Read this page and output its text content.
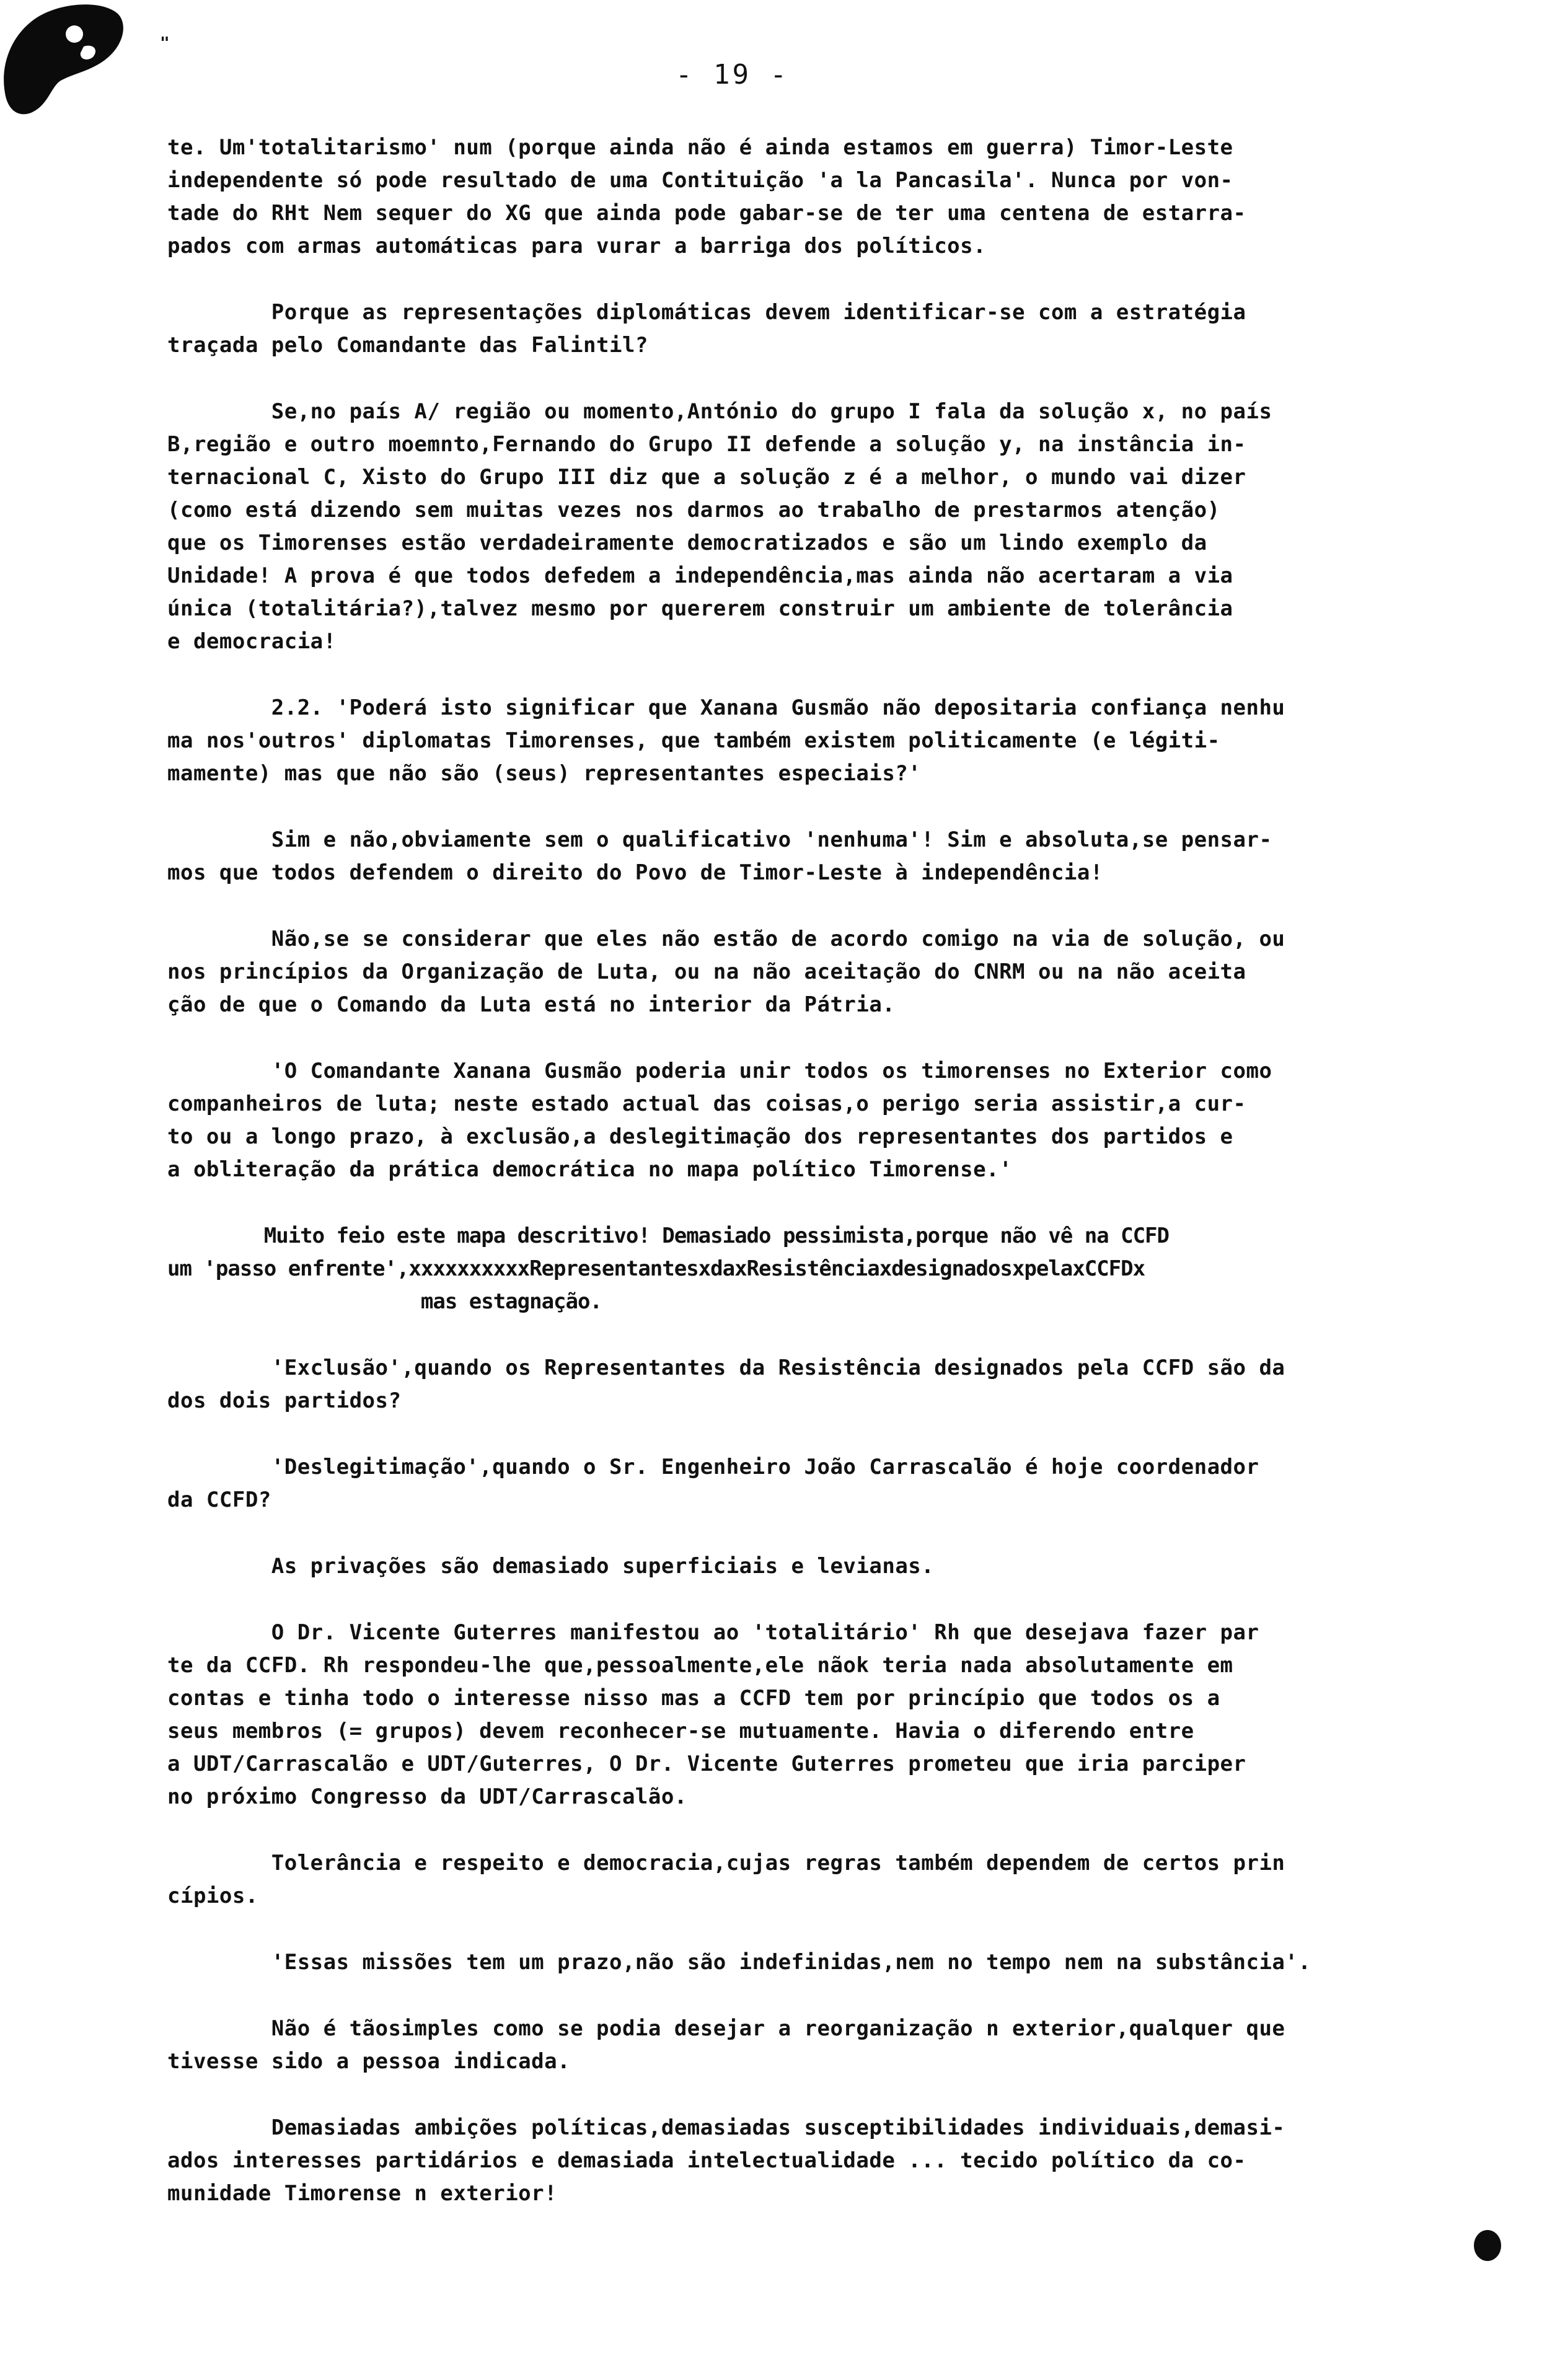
"
- 19 -

te. Um'totalitarismo' num (porque ainda não é ainda estamos em guerra) Timor-Leste
independente só pode resultado de uma Contituição 'a la Pancasila'. Nunca por von-
tade do RHt Nem sequer do XG que ainda pode gabar-se de ter uma centena de estarra-
pados com armas automáticas para vurar a barriga dos políticos.

Porque as representações diplomáticas devem identificar-se com a estratégia
traçada pelo Comandante das Falintil?

Se,no país A/ região ou momento,António do grupo I fala da solução x, no país
B,região e outro moemnto,Fernando do Grupo II defende a solução y, na instância in-
ternacional C, Xisto do Grupo III diz que a solução z é a melhor, o mundo vai dizer
(como está dizendo sem muitas vezes nos darmos ao trabalho de prestarmos atenção)
que os Timorenses estão verdadeiramente democratizados e são um lindo exemplo da
Unidade! A prova é que todos defedem a independência,mas ainda não acertaram a via
única (totalitária?),talvez mesmo por quererem construir um ambiente de tolerância
e democracia!

2.2. 'Poderá isto significar que Xanana Gusmão não depositaria confiança nenhu
ma nos'outros' diplomatas Timorenses, que também existem politicamente (e légiti-
mamente) mas que não são (seus) representantes especiais?'

Sim e não,obviamente sem o qualificativo 'nenhuma'! Sim e absoluta,se pensar-
mos que todos defendem o direito do Povo de Timor-Leste à independência!

Não,se se considerar que eles não estão de acordo comigo na via de solução, ou
nos princípios da Organização de Luta, ou na não aceitação do CNRM ou na não aceita
ção de que o Comando da Luta está no interior da Pátria.

'O Comandante Xanana Gusmão poderia unir todos os timorenses no Exterior como
companheiros de luta; neste estado actual das coisas,o perigo seria assistir,a cur-
to ou a longo prazo, à exclusão,a deslegitimação dos representantes dos partidos e
a obliteração da prática democrática no mapa político Timorense.'

Muito feio este mapa descritivo! Demasiado pessimista,porque não vê na CCFD
um 'passo enfrente',xxxxxxxxxxRepresentantesxdaxResistênciaxdesignadosxpelaxCCFDx
mas estagnação.

'Exclusão',quando os Representantes da Resistência designados pela CCFD são da
dos dois partidos?

'Deslegitimação',quando o Sr. Engenheiro João Carrascalão é hoje coordenador
da CCFD?

As privações são demasiado superficiais e levianas.

O Dr. Vicente Guterres manifestou ao 'totalitário' Rh que desejava fazer par
te da CCFD. Rh respondeu-lhe que,pessoalmente,ele nãok teria nada absolutamente em
contas e tinha todo o interesse nisso mas a CCFD tem por princípio que todos os a
seus membros (= grupos) devem reconhecer-se mutuamente. Havia o diferendo entre
a UDT/Carrascalão e UDT/Guterres, O Dr. Vicente Guterres prometeu que iria parciper
no próximo Congresso da UDT/Carrascalão.

Tolerância e respeito e democracia,cujas regras também dependem de certos prin
cípios.

'Essas missões tem um prazo,não são indefinidas,nem no tempo nem na substância'.

Não é tãosimples como se podia desejar a reorganização n exterior,qualquer que
tivesse sido a pessoa indicada.

Demasiadas ambições políticas,demasiadas susceptibilidades individuais,demasi-
ados interesses partidários e demasiada intelectualidade ... tecido político da co-
munidade Timorense n exterior!
